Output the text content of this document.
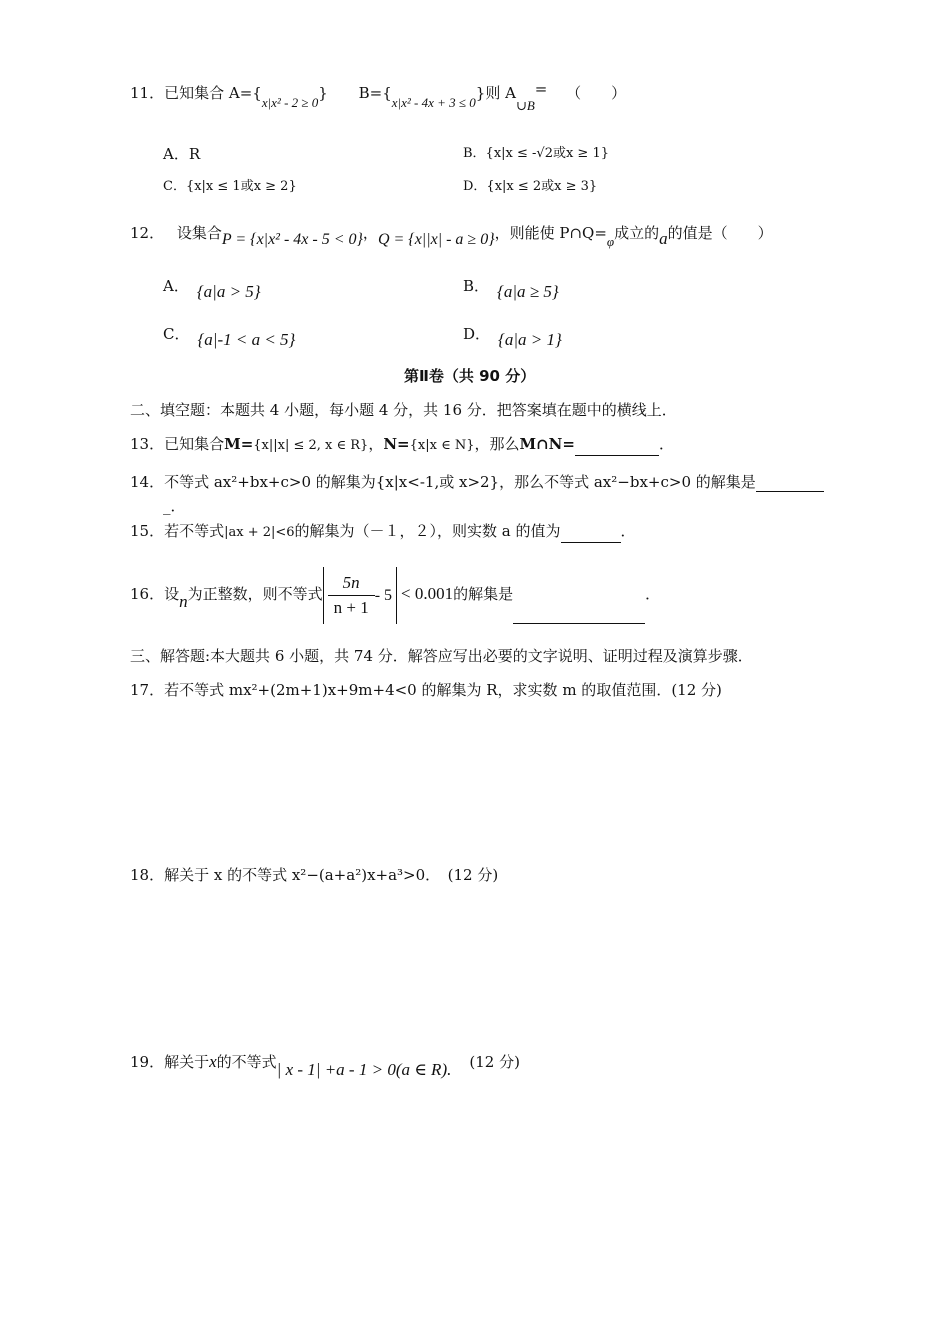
11．已知集合 A={x|x² - 2 ≥ 0} B={x|x² - 4x + 3 ≤ 0}则 A∪B= （　　）
A．R	B．{x|x ≤ -√2或x ≥ 1}
C．{x|x ≤ 1或x ≥ 2}	D．{x|x ≤ 2或x ≥ 3}
12． 设集合P = {x|x² - 4x - 5 < 0}，Q = {x||x| - a ≥ 0}，则能使 P∩Q=φ成立的a的值是（　　）
A． {a|a > 5}	B． {a|a ≥ 5}
C． {a|-1 < a < 5}	D． {a|a > 1}
第Ⅱ卷（共 90 分）
二、填空题：本题共 4 小题，每小题 4 分，共 16 分．把答案填在题中的横线上．
13．已知集合M={x||x| ≤ 2, x ∈ R}，N={x|x ∈ N}，那么M∩N=	．
14．不等式 ax²+bx+c>0 的解集为{x|x<-1,或 x>2}，那么不等式 ax²−bx+c>0 的解集是
_．
15．若不等式|ax + 2|<6的解集为（－１，２），则实数 a 的值为	．
16．设n为正整数，则不等式 $\frac{5n}{n + 1} - 5 < 0.001$的解集是	．
三、解答题:本大题共 6 小题，共 74 分．解答应写出必要的文字说明、证明过程及演算步骤．
17．若不等式 mx²+(2m+1)x+9m+4<0 的解集为 R，求实数 m 的取值范围．(12 分)
18．解关于 x 的不等式 x²−(a+a²)x+a³>0．　(12 分)
19．解关于x的不等式| x - 1| +a - 1 > 0(a ∈ R). (12 分)
